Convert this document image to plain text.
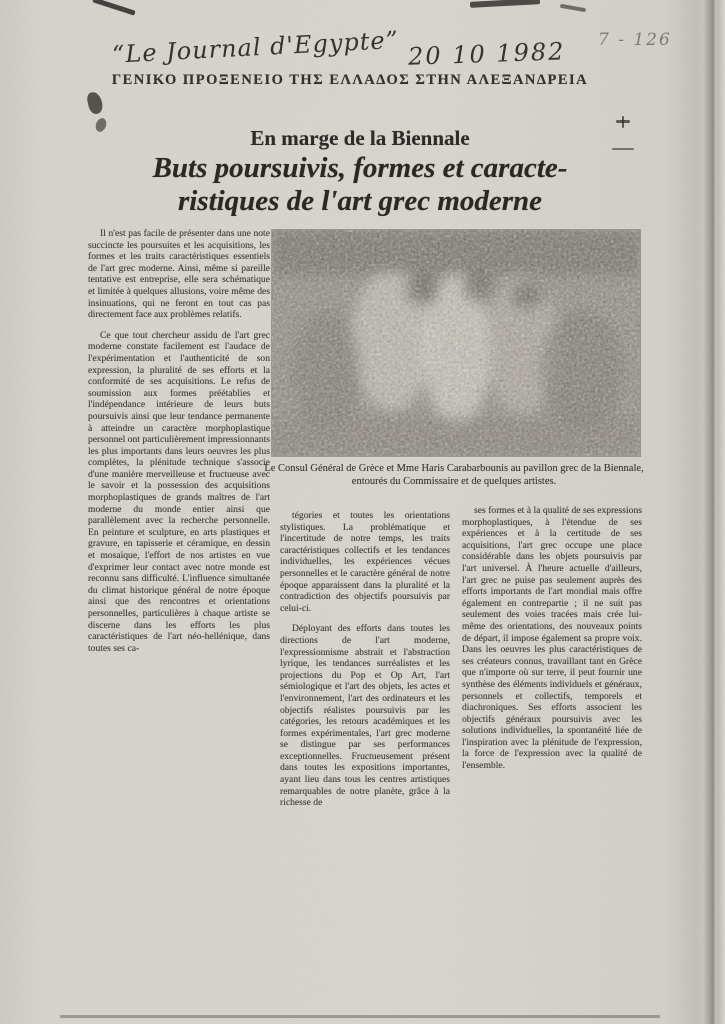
“Le Journal d'Egypte” 20 10 1982 7 - 126
ΓΕΝΙΚΟ ΠΡΟΞΕΝΕΙΟ ΤΗΣ ΕΛΛΑΔΟΣ ΣΤΗΝ ΑΛΕΞΑΝΔΡΕΙΑ
En marge de la Biennale
Buts poursuivis, formes et caracte-
ristiques de l'art grec moderne
Le Consul Général de Grèce et Mme Haris Carabarbounis au pavillon grec de la Biennale, entourés du Commissaire et de quelques artistes.

Il n'est pas facile de présenter dans une note succincte les poursuites et les acquisitions, les formes et les traits caractéristiques essentiels de l'art grec moderne. Ainsi, même si pareille tentative est entreprise, elle sera schématique et limitée à quelques allusions, voire même des insinuations, qui ne feront en tout cas pas directement face aux problèmes relatifs.

Ce que tout chercheur assidu de l'art grec moderne constate facilement est l'audace de l'expérimentation et l'authenticité de son expression, la pluralité de ses efforts et la conformité de ses acquisitions. Le refus de soumission aux formes préétablies et l'indépendance intérieure de leurs buts poursuivis ainsi que leur tendance permanente à atteindre un caractère morphoplastique personnel ont particulièrement impressionnants les plus importants dans leurs oeuvres les plus complètes, la plénitude technique s'associe d'une manière merveilleuse et fructueuse avec le savoir et la possession des acquisitions morphoplastiques de grands maîtres de l'art moderne du monde entier ainsi que parallèlement avec la recherche personnelle. En peinture et sculpture, en arts plastiques et gravure, en tapisserie et céramique, en dessin et mosaïque, l'effort de nos artistes en vue d'exprimer leur contact avec notre monde est reconnu sans difficulté. L'influence simultanée du climat historique général de notre époque ainsi que des rencontres et orientations personnelles, particulières à chaque artiste se discerne dans les efforts les plus caractéristiques de l'art néo-hellénique, dans toutes ses ca-

tégories et toutes les orientations stylistiques. La problématique et l'incertitude de notre temps, les traits caractéristiques collectifs et les tendances individuelles, les expériences vécues personnelles et le caractère général de notre époque apparaissent dans la pluralité et la contradiction des objectifs poursuivis par celui-ci.

Déployant des efforts dans toutes les directions de l'art moderne, l'expressionnisme abstrait et l'abstraction lyrique, les tendances surréalistes et les projections du Pop et Op Art, l'art sémiologique et l'art des objets, les actes et l'environnement, l'art des ordinateurs et les objectifs réalistes poursuivis par les catégories, les retours académiques et les formes expérimentales, l'art grec moderne se distingue par ses performances exceptionnelles. Fructueusement présent dans toutes les expositions importantes, ayant lieu dans tous les centres artistiques remarquables de notre planète, grâce à la richesse de

ses formes et à la qualité de ses expressions morphoplastiques, à l'étendue de ses expériences et à la certitude de ses acquisitions, l'art grec occupe une place considérable dans les objets poursuivis par l'art universel. À l'heure actuelle d'ailleurs, l'art grec ne puise pas seulement auprès des efforts importants de l'art mondial mais offre également en contrepartie ; il ne suit pas seulement des voies tracées mais crée lui-même des orientations, des nouveaux points de départ, il impose également sa propre voix. Dans les oeuvres les plus caractéristiques de ses créateurs connus, travaillant tant en Grèce que n'importe où sur terre, il peut fournir une synthèse des éléments individuels et généraux, personnels et collectifs, temporels et diachroniques. Ses efforts associent les objectifs généraux poursuivis avec les solutions individuelles, la spontanéité liée de l'inspiration avec la plénitude de l'expression, la force de l'expression avec la qualité de l'ensemble.
